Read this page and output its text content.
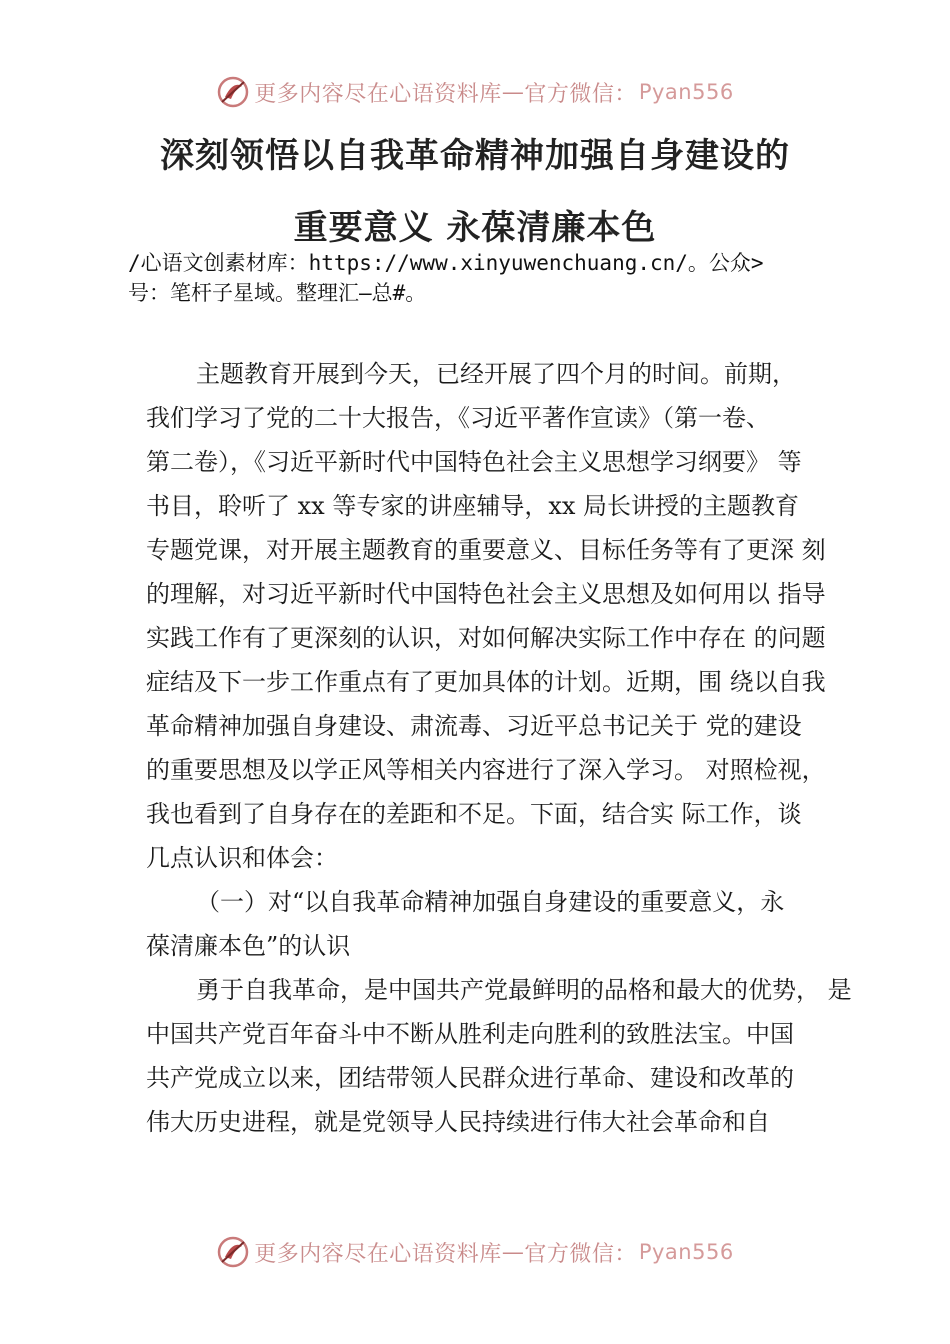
更多内容尽在心语资料库 — 官方微信： Pyan556
深刻领悟以自我革命精神加强自身建设的
重要意义 永葆清廉本色
/心语文创素材库：https://www.xinyuwenchuang.cn/。公众>
号：笔杆子星域。整理汇—总#。
主题教育开展到今天，已经开展了四个月的时间。前期，
我们学习了党的二十大报告，《习近平著作宣读》（第一卷、
第二卷），《习近平新时代中国特色社会主义思想学习纲要》 等
书目，聆听了 xx 等专家的讲座辅导，xx 局长讲授的主题教育
专题党课，对开展主题教育的重要意义、目标任务等有了更深 刻
的理解，对习近平新时代中国特色社会主义思想及如何用以 指导
实践工作有了更深刻的认识，对如何解决实际工作中存在 的问题
症结及下一步工作重点有了更加具体的计划。近期，围 绕以自我
革命精神加强自身建设、肃流毒、习近平总书记关于 党的建设
的重要思想及以学正风等相关内容进行了深入学习。 对照检视，
我也看到了自身存在的差距和不足。下面，结合实 际工作，谈
几点认识和体会：
（一）对“以自我革命精神加强自身建设的重要意义，永
葆清廉本色”的认识
勇于自我革命，是中国共产党最鲜明的品格和最大的优势， 是
中国共产党百年奋斗中不断从胜利走向胜利的致胜法宝。中国
共产党成立以来，团结带领人民群众进行革命、建设和改革的
伟大历史进程，就是党领导人民持续进行伟大社会革命和自
更多内容尽在心语资料库 — 官方微信： Pyan556
